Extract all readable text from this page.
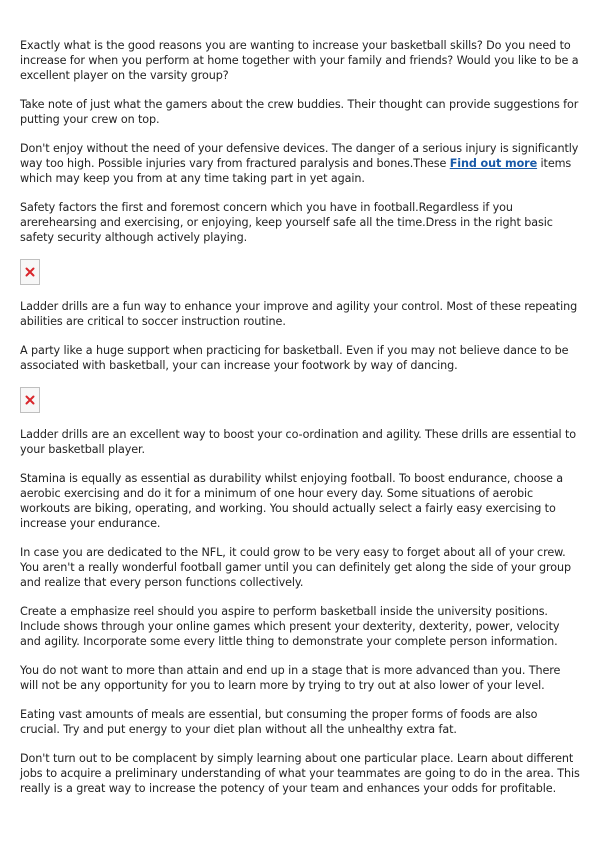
Exactly what is the good reasons you are wanting to increase your basketball skills? Do you need to increase for when you perform at home together with your family and friends? Would you like to be a excellent player on the varsity group?

Take note of just what the gamers about the crew buddies. Their thought can provide suggestions for putting your crew on top.

Don't enjoy without the need of your defensive devices. The danger of a serious injury is significantly way too high. Possible injuries vary from fractured paralysis and bones.These Find out more items which may keep you from at any time taking part in yet again.

Safety factors the first and foremost concern which you have in football.Regardless if you arerehearsing and exercising, or enjoying, keep yourself safe all the time.Dress in the right basic safety security although actively playing.

Ladder drills are a fun way to enhance your improve and agility your control. Most of these repeating abilities are critical to soccer instruction routine.

A party like a huge support when practicing for basketball. Even if you may not believe dance to be associated with basketball, your can increase your footwork by way of dancing.

Ladder drills are an excellent way to boost your co-ordination and agility. These drills are essential to your basketball player.

Stamina is equally as essential as durability whilst enjoying football. To boost endurance, choose a aerobic exercising and do it for a minimum of one hour every day. Some situations of aerobic workouts are biking, operating, and working. You should actually select a fairly easy exercising to increase your endurance.

In case you are dedicated to the NFL, it could grow to be very easy to forget about all of your crew. You aren't a really wonderful football gamer until you can definitely get along the side of your group and realize that every person functions collectively.

Create a emphasize reel should you aspire to perform basketball inside the university positions. Include shows through your online games which present your dexterity, dexterity, power, velocity and agility. Incorporate some every little thing to demonstrate your complete person information.

You do not want to more than attain and end up in a stage that is more advanced than you. There will not be any opportunity for you to learn more by trying to try out at also lower of your level.

Eating vast amounts of meals are essential, but consuming the proper forms of foods are also crucial. Try and put energy to your diet plan without all the unhealthy extra fat.

Don't turn out to be complacent by simply learning about one particular place. Learn about different jobs to acquire a preliminary understanding of what your teammates are going to do in the area. This really is a great way to increase the potency of your team and enhances your odds for profitable.
